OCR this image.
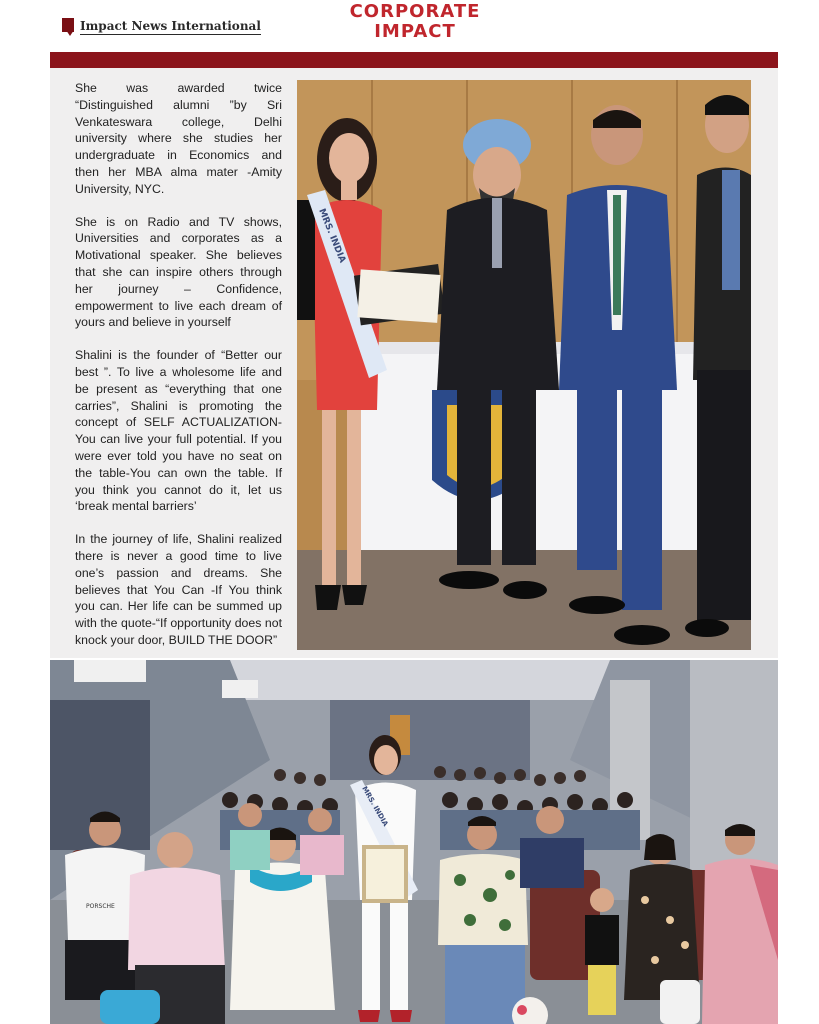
Impact News International
CORPORATE
IMPACT

She was awarded twice “Distinguished alumni ”by Sri Venkateswara college, Delhi university where she studies her undergraduate in Economics and then her MBA alma mater -Amity University, NYC.

She is on Radio and TV shows, Universities and corporates as a Motivational speaker. She believes that she can inspire others through her journey – Confidence, empowerment to live each dream of yours and believe in yourself

Shalini is the founder of “Better our best ”. To live a wholesome life and be present as “everything that one carries”, Shalini is promoting the concept of SELF ACTUALIZATION- You can live your full potential. If you were ever told you have no seat on the table-You can own the table. If you think you cannot do it, let us ‘break mental barriers’

In the journey of life, Shalini realized there is never a good time to live one’s passion and dreams. She believes that You Can -If You think you can. Her life can be summed up with the quote-“If opportunity does not knock your door, BUILD THE DOOR”

MRS. INDIA
PORSCHE
MRS. INDIA
